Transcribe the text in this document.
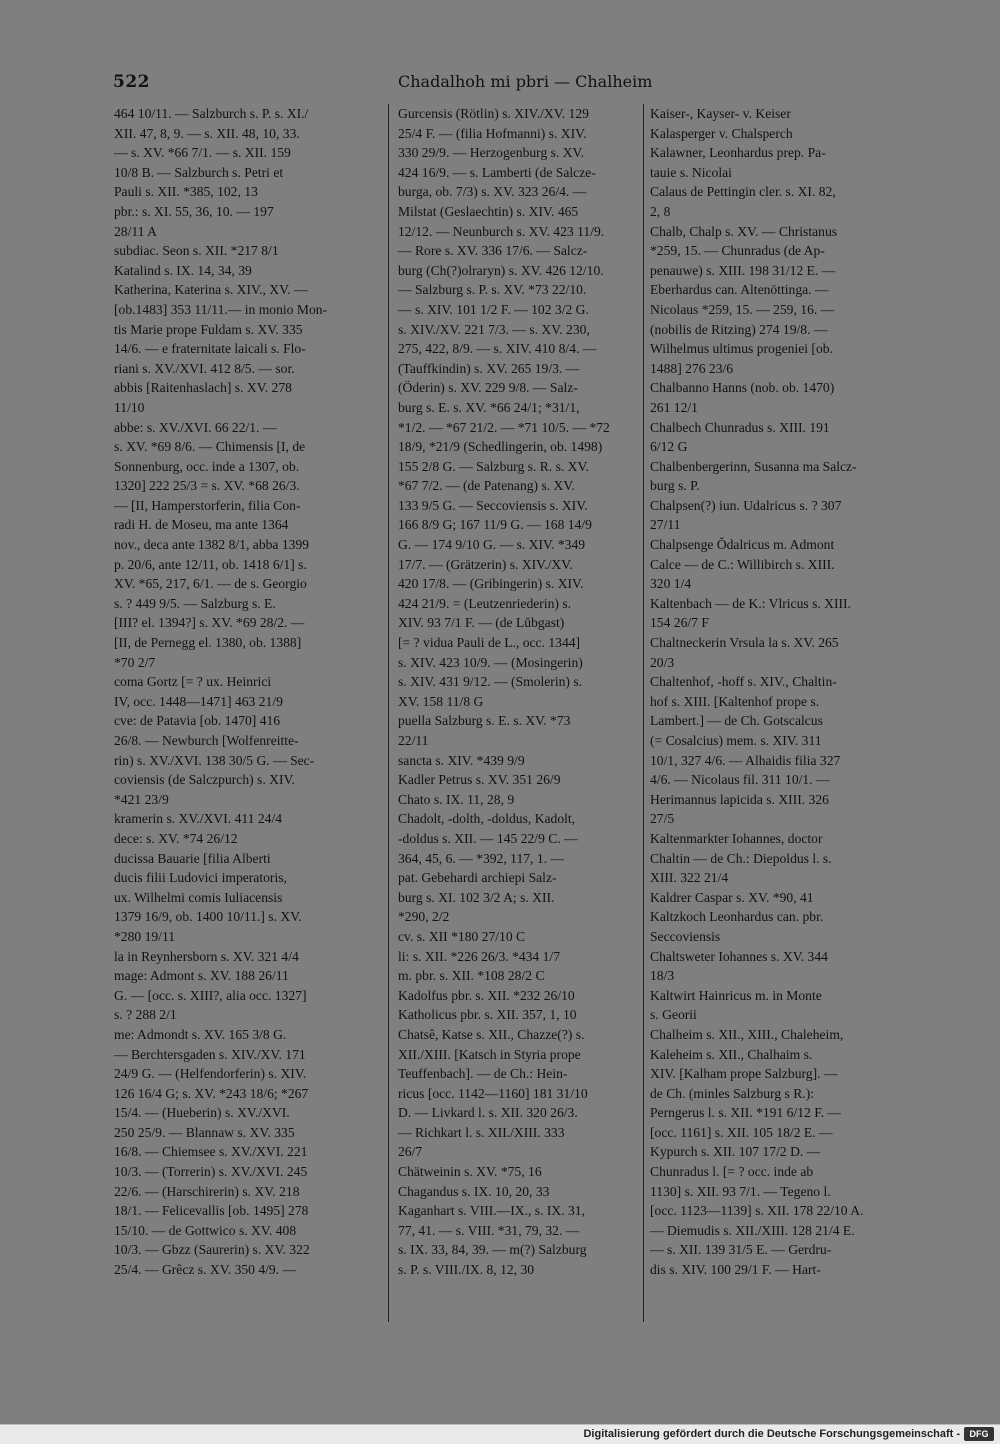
522	Chadalhoh mi pbri — Chalheim
464 10/11. — Salzburch s. P. s. XI./
XII. 47, 8, 9. — s. XII. 48, 10, 33.
— s. XV. *66 7/1. — s. XII. 159
10/8 B. — Salzburch s. Petri et
Pauli s. XII. *385, 102, 13
pbr.: s. XI. 55, 36, 10. — 197
28/11 A
subdiac. Seon s. XII. *217 8/1
Katalind s. IX. 14, 34, 39
Katherina, Katerina s. XIV., XV. —
[ob.1483] 353 11/11.— in monio Mon-
tis Marie prope Fuldam s. XV. 335
14/6. — e fraternitate laicali s. Flo-
riani s. XV./XVI. 412 8/5. — sor.
abbis [Raitenhaslach] s. XV. 278
11/10
abbe: s. XV./XVI. 66 22/1. —
s. XV. *69 8/6. — Chimensis [I, de
Sonnenburg, occ. inde a 1307, ob.
1320] 222 25/3 = s. XV. *68 26/3.
— [II, Hamperstorferin, filia Con-
radi H. de Moseu, ma ante 1364
nov., deca ante 1382 8/1, abba 1399
p. 20/6, ante 12/11, ob. 1418 6/1] s.
XV. *65, 217, 6/1. — de s. Georgio
s. ? 449 9/5. — Salzburg s. E.
[III? el. 1394?] s. XV. *69 28/2. —
[II, de Pernegg el. 1380, ob. 1388]
*70 2/7
coma Gortz [= ? ux. Heinrici
IV, occ. 1448—1471] 463 21/9
cve: de Patavia [ob. 1470] 416
26/8. — Newburch [Wolfenreitte-
rin) s. XV./XVI. 138 30/5 G. — Sec-
coviensis (de Salczpurch) s. XIV.
*421 23/9
kramerin s. XV./XVI. 411 24/4
dece: s. XV. *74 26/12
ducissa Bauarie [filia Alberti
ducis filii Ludovici imperatoris,
ux. Wilhelmi comis Iuliacensis
1379 16/9, ob. 1400 10/11.] s. XV.
*280 19/11
la in Reynhersborn s. XV. 321 4/4
mage: Admont s. XV. 188 26/11
G. — [occ. s. XIII?, alia occ. 1327]
s. ? 288 2/1
me: Admondt s. XV. 165 3/8 G.
— Berchtersgaden s. XIV./XV. 171
24/9 G. — (Helfendorferin) s. XIV.
126 16/4 G; s. XV. *243 18/6; *267
15/4. — (Hueberin) s. XV./XVI.
250 25/9. — Blannaw s. XV. 335
16/8. — Chiemsee s. XV./XVI. 221
10/3. — (Torrerin) s. XV./XVI. 245
22/6. — (Harschirerin) s. XV. 218
18/1. — Felicevallis [ob. 1495] 278
15/10. — de Gottwico s. XV. 408
10/3. — Gbzz (Saurerin) s. XV. 322
25/4. — Grêcz s. XV. 350 4/9. —
Gurcensis (Rötlin) s. XIV./XV. 129
25/4 F. — (filia Hofmanni) s. XIV.
330 29/9. — Herzogenburg s. XV.
424 16/9. — s. Lamberti (de Salcze-
burga, ob. 7/3) s. XV. 323 26/4. —
Milstat (Geslaechtin) s. XIV. 465
12/12. — Neunburch s. XV. 423 11/9.
— Rore s. XV. 336 17/6. — Salcz-
burg (Ch(?)olraryn) s. XV. 426 12/10.
— Salzburg s. P. s. XV. *73 22/10.
— s. XIV. 101 1/2 F. — 102 3/2 G.
s. XIV./XV. 221 7/3. — s. XV. 230,
275, 422, 8/9. — s. XIV. 410 8/4. —
(Tauffkindin) s. XV. 265 19/3. —
(Öderin) s. XV. 229 9/8. — Salz-
burg s. E. s. XV. *66 24/1; *31/1,
*1/2. — *67 21/2. — *71 10/5. — *72
18/9, *21/9 (Schedlingerin, ob. 1498)
155 2/8 G. — Salzburg s. R. s. XV.
*67 7/2. — (de Patenang) s. XV.
133 9/5 G. — Seccoviensis s. XIV.
166 8/9 G; 167 11/9 G. — 168 14/9
G. — 174 9/10 G. — s. XIV. *349
17/7. — (Grätzerin) s. XIV./XV.
420 17/8. — (Gribingerin) s. XIV.
424 21/9. = (Leutzenriederin) s.
XIV. 93 7/1 F. — (de Lŭbgast)
[= ? vidua Pauli de L., occ. 1344]
s. XIV. 423 10/9. — (Mosingerin)
s. XIV. 431 9/12. — (Smolerin) s.
XV. 158 11/8 G
puella Salzburg s. E. s. XV. *73
22/11
sancta s. XIV. *439 9/9
Kadler Petrus s. XV. 351 26/9
Chato s. IX. 11, 28, 9
Chadolt, -dolth, -doldus, Kadolt,
-doldus s. XII. — 145 22/9 C. —
364, 45, 6. — *392, 117, 1. —
pat. Gebehardi archiepi Salz-
burg s. XI. 102 3/2 A; s. XII.
*290, 2/2
cv. s. XII *180 27/10 C
li: s. XII. *226 26/3. *434 1/7
m. pbr. s. XII. *108 28/2 C
Kadolfus pbr. s. XII. *232 26/10
Katholicus pbr. s. XII. 357, 1, 10
Chatsê, Katse s. XII., Chazze(?) s.
XII./XIII. [Katsch in Styria prope
Teuffenbach]. — de Ch.: Hein-
ricus [occ. 1142—1160] 181 31/10
D. — Livkard l. s. XII. 320 26/3.
— Richkart l. s. XII./XIII. 333
26/7
Chätweinin s. XV. *75, 16
Chagandus s. IX. 10, 20, 33
Kaganhart s. VIII.—IX., s. IX. 31,
77, 41. — s. VIII. *31, 79, 32. —
s. IX. 33, 84, 39. — m(?) Salzburg
s. P. s. VIII./IX. 8, 12, 30
Kaiser-, Kayser- v. Keiser
Kalasperger v. Chalsperch
Kalawner, Leonhardus prep. Pa-
tauie s. Nicolai
Calaus de Pettingin cler. s. XI. 82,
2, 8
Chalb, Chalp s. XV. — Christanus
*259, 15. — Chunradus (de Ap-
penauwe) s. XIII. 198 31/12 E. —
Eberhardus can. Altenöttinga. —
Nicolaus *259, 15. — 259, 16. —
(nobilis de Ritzing) 274 19/8. —
Wilhelmus ultimus progeniei [ob.
1488] 276 23/6
Chalbanno Hanns (nob. ob. 1470)
261 12/1
Chalbech Chunradus s. XIII. 191
6/12 G
Chalbenbergerinn, Susanna ma Salcz-
burg s. P.
Chalpsen(?) iun. Udalricus s. ? 307
27/11
Chalpsenge Ŏdalricus m. Admont
Calce — de C.: Willibirch s. XIII.
320 1/4
Kaltenbach — de K.: Vlricus s. XIII.
154 26/7 F
Chaltneckerin Vrsula la s. XV. 265
20/3
Chaltenhof, -hoff s. XIV., Chaltin-
hof s. XIII. [Kaltenhof prope s.
Lambert.] — de Ch. Gotscalcus
(= Cosalcius) mem. s. XIV. 311
10/1, 327 4/6. — Alhaidis filia 327
4/6. — Nicolaus fil. 311 10/1. —
Herimannus lapicida s. XIII. 326
27/5
Kaltenmarkter Iohannes, doctor
Chaltin — de Ch.: Diepoldus l. s.
XIII. 322 21/4
Kaldrer Caspar s. XV. *90, 41
Kaltzkoch Leonhardus can. pbr.
Seccoviensis
Chaltsweter Iohannes s. XV. 344
18/3
Kaltwirt Hainricus m. in Monte
s. Georii
Chalheim s. XII., XIII., Chaleheim,
Kaleheim s. XII., Chalhaim s.
XIV. [Kalham prope Salzburg]. —
de Ch. (minles Salzburg s R.):
Perngerus l. s. XII. *191 6/12 F. —
[occ. 1161] s. XII. 105 18/2 E. —
Kypurch s. XII. 107 17/2 D. —
Chunradus l. [= ? occ. inde ab
1130] s. XII. 93 7/1. — Tegeno l.
[occ. 1123—1139] s. XII. 178 22/10 A.
— Diemudis s. XII./XIII. 128 21/4 E.
— s. XII. 139 31/5 E. — Gerdru-
dis s. XIV. 100 29/1 F. — Hart-
Digitalisierung gefördert durch die Deutsche Forschungsgemeinschaft -	DFG
